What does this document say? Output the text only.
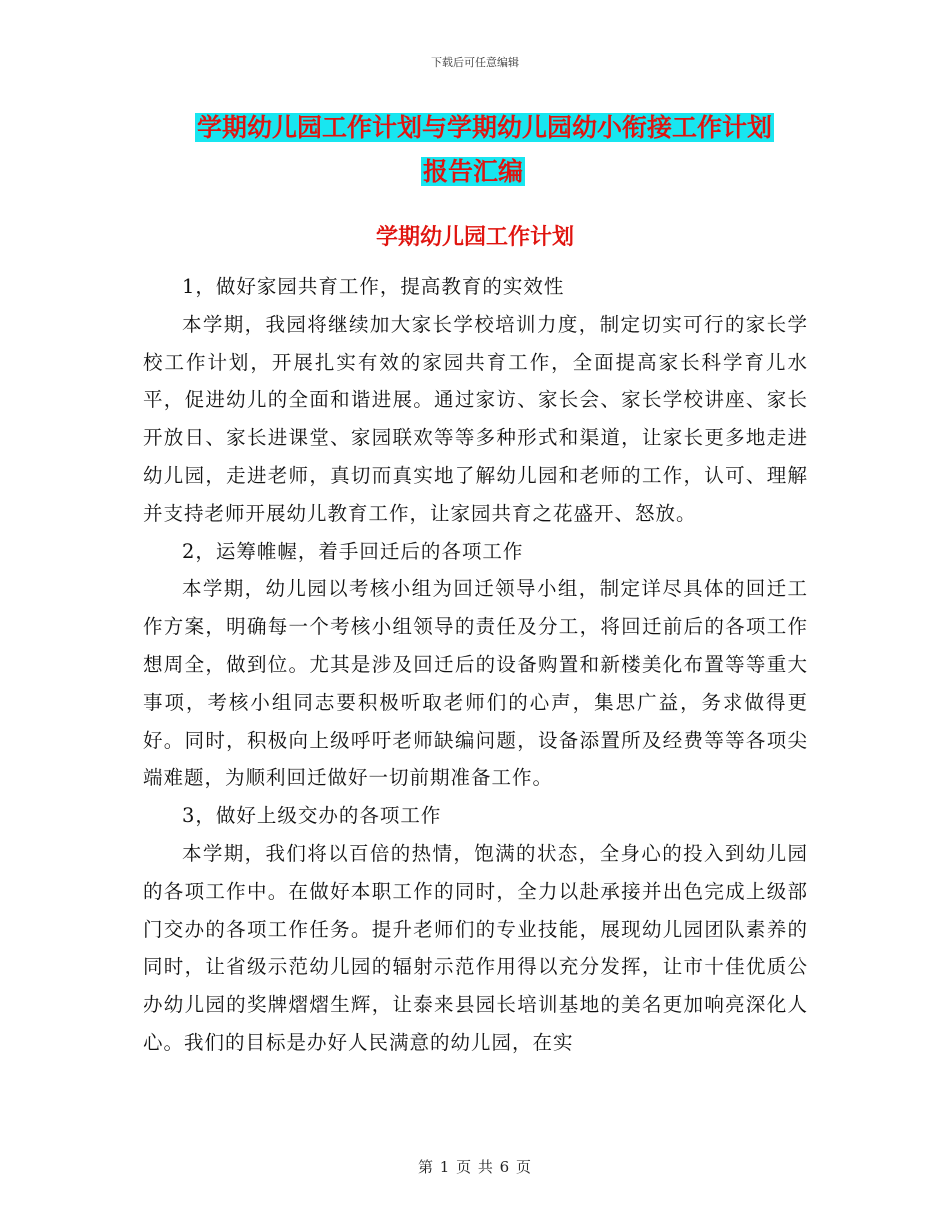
下载后可任意编辑
学期幼儿园工作计划与学期幼儿园幼小衔接工作计划
报告汇编
学期幼儿园工作计划

1，做好家园共育工作，提高教育的实效性

本学期，我园将继续加大家长学校培训力度，制定切实可行的家长学校工作计划，开展扎实有效的家园共育工作，全面提高家长科学育儿水平，促进幼儿的全面和谐进展。通过家访、家长会、家长学校讲座、家长开放日、家长进课堂、家园联欢等等多种形式和渠道，让家长更多地走进幼儿园，走进老师，真切而真实地了解幼儿园和老师的工作，认可、理解并支持老师开展幼儿教育工作，让家园共育之花盛开、怒放。

2，运筹帷幄，着手回迁后的各项工作

本学期，幼儿园以考核小组为回迁领导小组，制定详尽具体的回迁工作方案，明确每一个考核小组领导的责任及分工，将回迁前后的各项工作想周全，做到位。尤其是涉及回迁后的设备购置和新楼美化布置等等重大事项，考核小组同志要积极听取老师们的心声，集思广益，务求做得更好。同时，积极向上级呼吁老师缺编问题，设备添置所及经费等等各项尖端难题，为顺利回迁做好一切前期准备工作。

3，做好上级交办的各项工作

本学期，我们将以百倍的热情，饱满的状态，全身心的投入到幼儿园的各项工作中。在做好本职工作的同时，全力以赴承接并出色完成上级部门交办的各项工作任务。提升老师们的专业技能，展现幼儿园团队素养的同时，让省级示范幼儿园的辐射示范作用得以充分发挥，让市十佳优质公办幼儿园的奖牌熠熠生辉，让泰来县园长培训基地的美名更加响亮深化人心。我们的目标是办好人民满意的幼儿园，在实

第 1 页 共 6 页
